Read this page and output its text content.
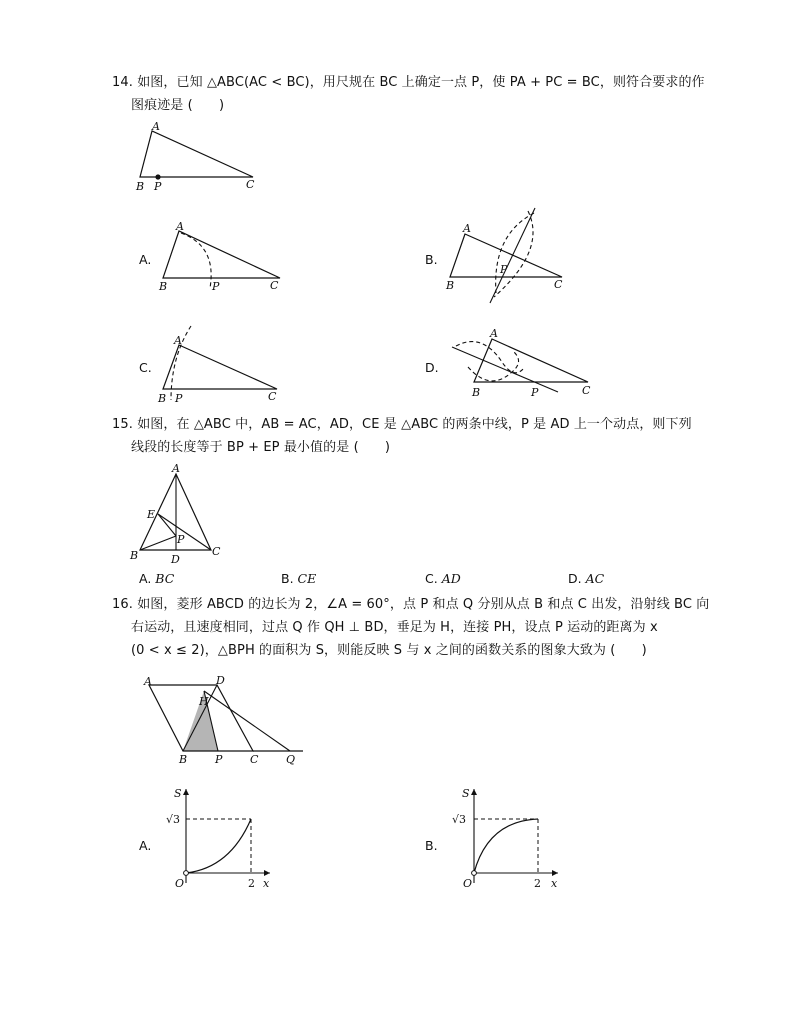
14. 如图，已知 △ABC(AC < BC)，用尺规在 BC 上确定一点 P，使 PA + PC = BC，则符合要求的作

图痕迹是 (　　)

A
B P	C
A.
A
B	P	C
B.
A
B
P
C
C.
A
B P	C
D.
A
B	P	C

15. 如图，在 △ABC 中，AB = AC，AD，CE 是 △ABC 的两条中线，P 是 AD 上一个动点，则下列

线段的长度等于 BP + EP 最小值的是 (　　)

A
E
P
B	D
C
A. BC	B. CE	C. AD	D. AC

16. 如图，菱形 ABCD 的边长为 2，∠A = 60°，点 P 和点 Q 分别从点 B 和点 C 出发，沿射线 BC 向

右运动，且速度相同，过点 Q 作 QH ⊥ BD，垂足为 H，连接 PH，设点 P 运动的距离为 x

(0 < x ≤ 2)，△BPH 的面积为 S，则能反映 S 与 x 之间的函数关系的图象大致为 (　　)

A	D
H
B	P	C	Q
A.
S
x
O
√3
2
B.
S
x
O
√3
2
